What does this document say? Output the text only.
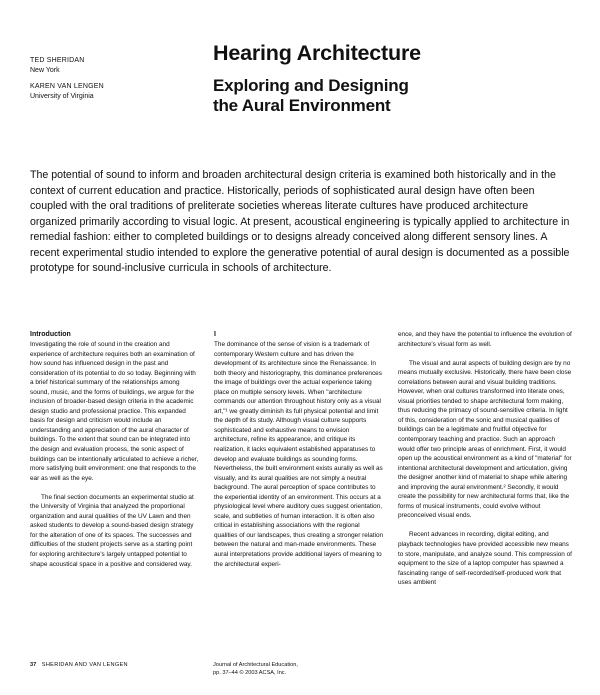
TED SHERIDAN
New York
KAREN VAN LENGEN
University of Virginia
Hearing Architecture
Exploring and Designing
the Aural Environment

The potential of sound to inform and broaden architectural design criteria is examined both historically and in the context of current education and practice. Historically, periods of sophisticated aural design have often been coupled with the oral traditions of preliterate societies whereas literate cultures have produced architecture organized primarily according to visual logic. At present, acoustical engineering is typically applied to architecture in remedial fashion: either to completed buildings or to designs already conceived along different sensory lines. A recent experimental studio intended to explore the generative potential of aural design is documented as a possible prototype for sound-inclusive curricula in schools of architecture.

Introduction

Investigating the role of sound in the creation and experience of architecture requires both an examination of how sound has influenced design in the past and consideration of its potential to do so today. Beginning with a brief historical summary of the relationships among sound, music, and the forms of buildings, we argue for the inclusion of broader-based design criteria in the academic design studio and professional practice. This expanded basis for design and criticism would include an understanding and appreciation of the aural character of buildings. To the extent that sound can be integrated into the design and evaluation process, the sonic aspect of buildings can be intentionally articulated to achieve a richer, more satisfying built environment: one that responds to the ear as well as the eye.

The final section documents an experimental studio at the University of Virginia that analyzed the proportional organization and aural qualities of the UV Lawn and then asked students to develop a sound-based design strategy for the alteration of one of its spaces. The successes and difficulties of the student projects serve as a starting point for exploring architecture's largely untapped potential to shape acoustical space in a positive and considered way.

I

The dominance of the sense of vision is a trademark of contemporary Western culture and has driven the development of its architecture since the Renaissance. In both theory and historiography, this dominance preferences the image of buildings over the actual experience taking place on multiple sensory levels. When "architecture commands our attention throughout history only as a visual art,"¹ we greatly diminish its full physical potential and limit the depth of its study. Although visual culture supports sophisticated and exhaustive means to envision architecture, refine its appearance, and critique its realization, it lacks equivalent established apparatuses to develop and evaluate buildings as sounding forms. Nevertheless, the built environment exists aurally as well as visually, and its aural qualities are not simply a neutral background. The aural perception of space contributes to the experiential identity of an environment. This occurs at a physiological level where auditory cues suggest orientation, scale, and subtleties of human interaction. It is often also critical in establishing associations with the regional qualities of our landscapes, thus creating a stronger relation between the natural and man-made environments. These aural interpretations provide additional layers of meaning to the architectural experi-

ence, and they have the potential to influence the evolution of architecture's visual form as well.

The visual and aural aspects of building design are by no means mutually exclusive. Historically, there have been close correlations between aural and visual building traditions. However, when oral cultures transformed into literate ones, visual priorities tended to shape architectural form making, thus reducing the primacy of sound-sensitive criteria. In light of this, consideration of the sonic and musical qualities of buildings can be a legitimate and fruitful objective for contemporary teaching and practice. Such an approach would offer two principle areas of enrichment. First, it would open up the acoustical environment as a kind of "material" for intentional architectural development and articulation, giving the designer another kind of material to shape while altering and improving the aural environment.² Secondly, it would create the possibility for new architectural forms that, like the forms of musical instruments, could evolve without preconceived visual ends.

Recent advances in recording, digital editing, and playback technologies have provided accessible new means to store, manipulate, and analyze sound. This compression of equipment to the size of a laptop computer has spawned a fascinating range of self-recorded/self-produced work that uses ambient

37 SHERIDAN AND VAN LENGEN	Journal of Architectural Education,
pp. 37–44 © 2003 ACSA, Inc.
